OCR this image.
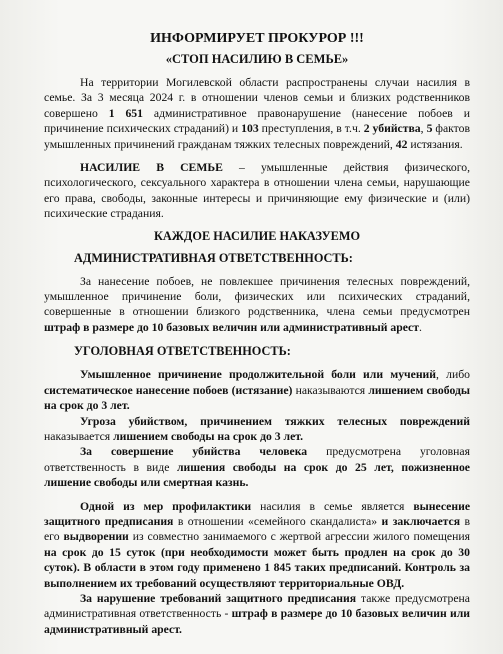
ИНФОРМИРУЕТ ПРОКУРОР !!!
«СТОП НАСИЛИЮ В СЕМЬЕ»

На территории Могилевской области распространены случаи насилия в семье. За 3 месяца 2024 г. в отношении членов семьи и близких родственников совершено 1 651 административное правонарушение (нанесение побоев и причинение психических страданий) и 103 преступления, в т.ч. 2 убийства, 5 фактов умышленных причинений гражданам тяжких телесных повреждений, 42 истязания.

НАСИЛИЕ В СЕМЬЕ – умышленные действия физического, психологического, сексуального характера в отношении члена семьи, нарушающие его права, свободы, законные интересы и причиняющие ему физические и (или) психические страдания.

КАЖДОЕ НАСИЛИЕ НАКАЗУЕМО
АДМИНИСТРАТИВНАЯ ОТВЕТСТВЕННОСТЬ:

За нанесение побоев, не повлекшее причинения телесных повреждений, умышленное причинение боли, физических или психических страданий, совершенные в отношении близкого родственника, члена семьи предусмотрен штраф в размере до 10 базовых величин или административный арест.

УГОЛОВНАЯ ОТВЕТСТВЕННОСТЬ:

Умышленное причинение продолжительной боли или мучений, либо систематическое нанесение побоев (истязание) наказываются лишением свободы на срок до 3 лет.

Угроза убийством, причинением тяжких телесных повреждений наказывается лишением свободы на срок до 3 лет.

За совершение убийства человека предусмотрена уголовная ответственность в виде лишения свободы на срок до 25 лет, пожизненное лишение свободы или смертная казнь.

Одной из мер профилактики насилия в семье является вынесение защитного предписания в отношении «семейного скандалиста» и заключается в его выдворении из совместно занимаемого с жертвой агрессии жилого помещения на срок до 15 суток (при необходимости может быть продлен на срок до 30 суток). В области в этом году применено 1 845 таких предписаний. Контроль за выполнением их требований осуществляют территориальные ОВД.

За нарушение требований защитного предписания также предусмотрена административная ответственность - штраф в размере до 10 базовых величин или административный арест.
